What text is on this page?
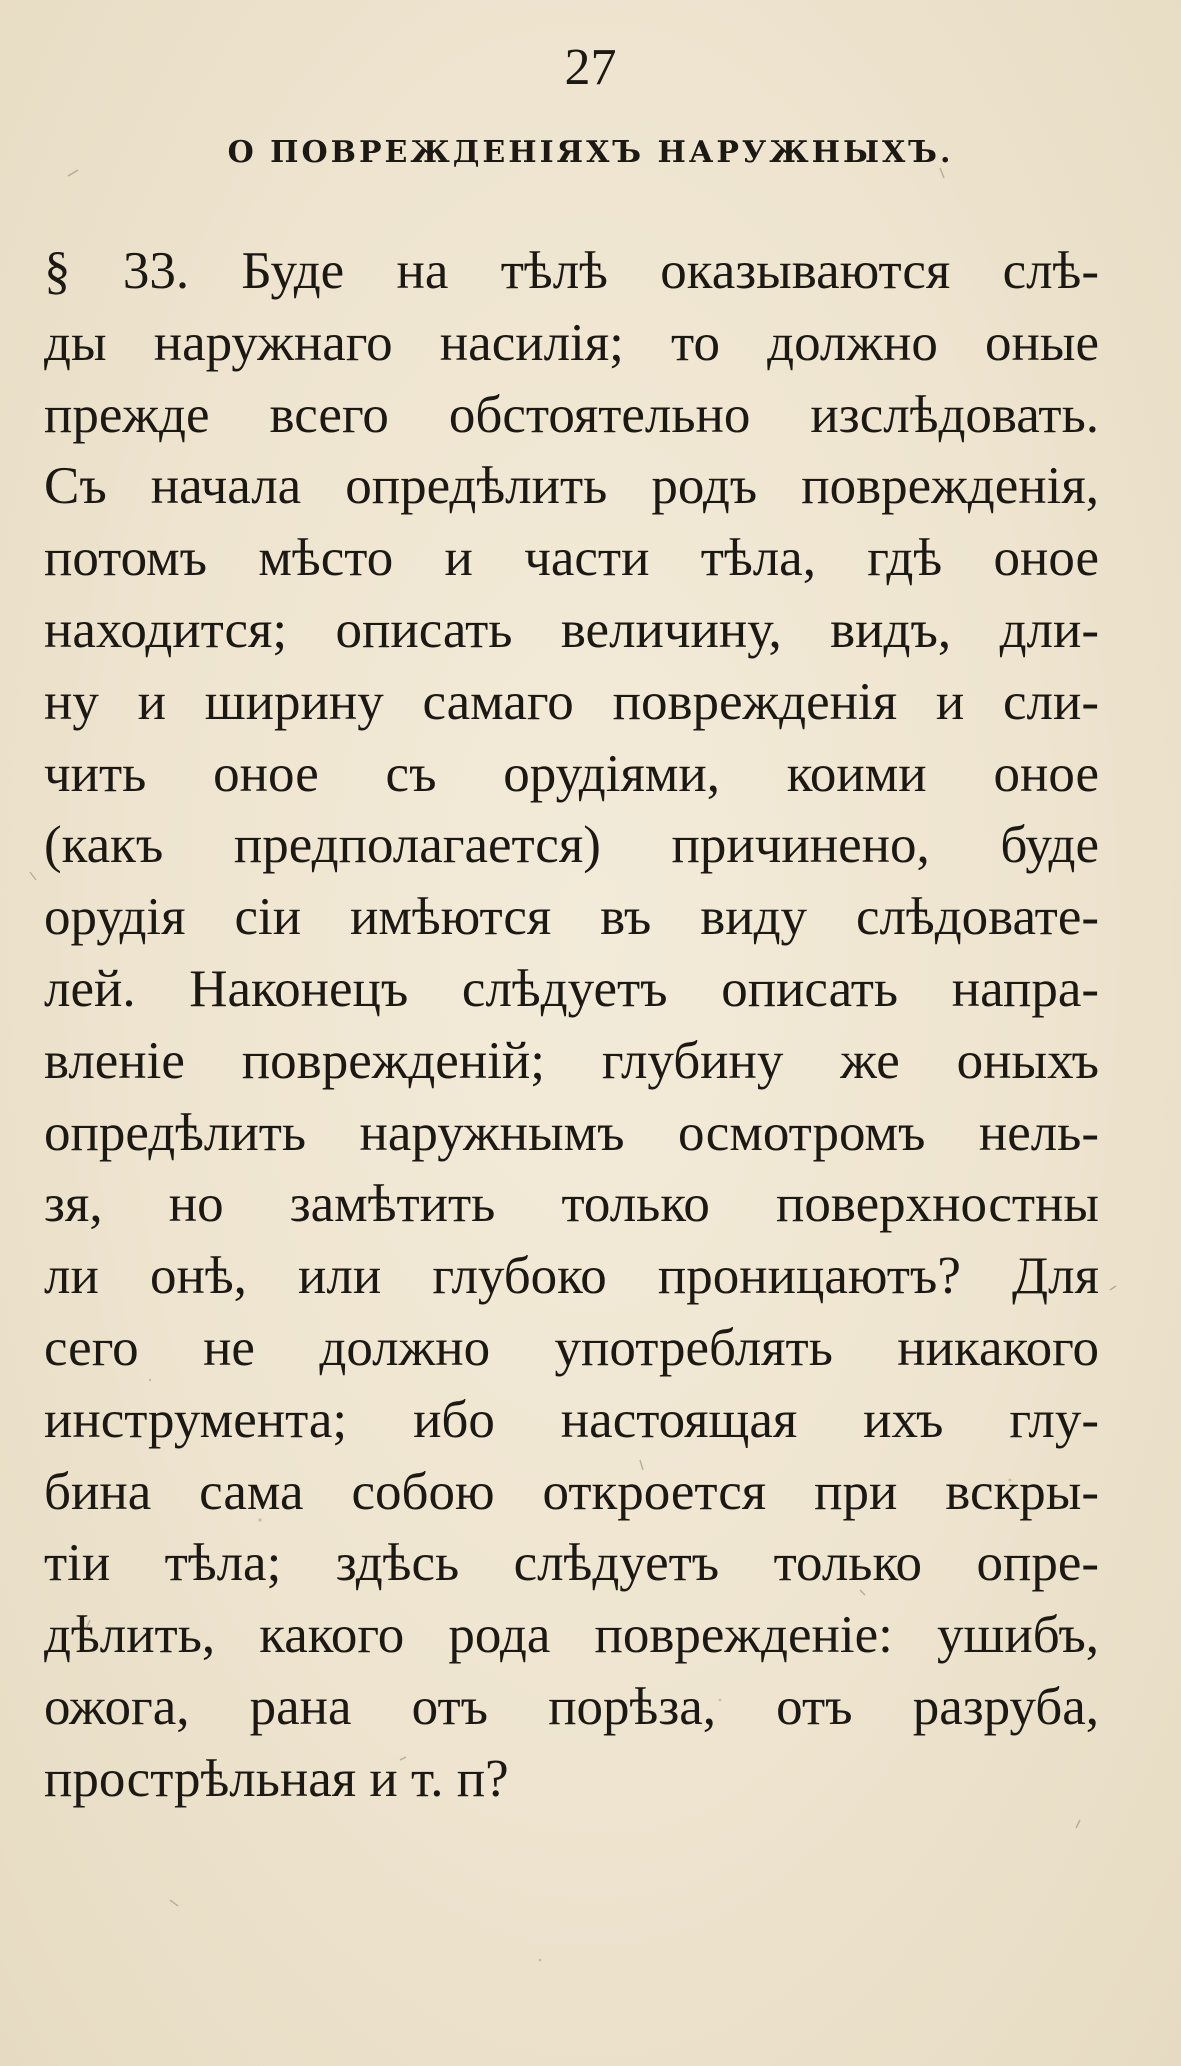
27
О ПОВРЕЖДЕНІЯХЪ НАРУЖНЫХЪ.
§ 33. Буде на тѣлѣ оказываются слѣ-
ды наружнаго насилія; то должно оные
прежде всего обстоятельно изслѣдовать.
Съ начала опредѣлить родъ поврежденія,
потомъ мѣсто и части тѣла, гдѣ оное
находится; описать величину, видъ, дли-
ну и ширину самаго поврежденія и сли-
чить оное съ орудіями, коими оное
(какъ предполагается) причинено, буде
орудія сіи имѣются въ виду слѣдовате-
лей. Наконецъ слѣдуетъ описать напра-
вленіе поврежденій; глубину же оныхъ
опредѣлить наружнымъ осмотромъ нель-
зя, но замѣтить только поверхностны
ли онѣ, или глубоко проницаютъ? Для
сего не должно употреблять никакого
инструмента; ибо настоящая ихъ глу-
бина сама собою откроется при вскры-
тіи тѣла; здѣсь слѣдуетъ только опре-
дѣлить, какого рода поврежденіе: ушибъ,
ожога, рана отъ порѣза, отъ разруба,
прострѣльная и т. п?
